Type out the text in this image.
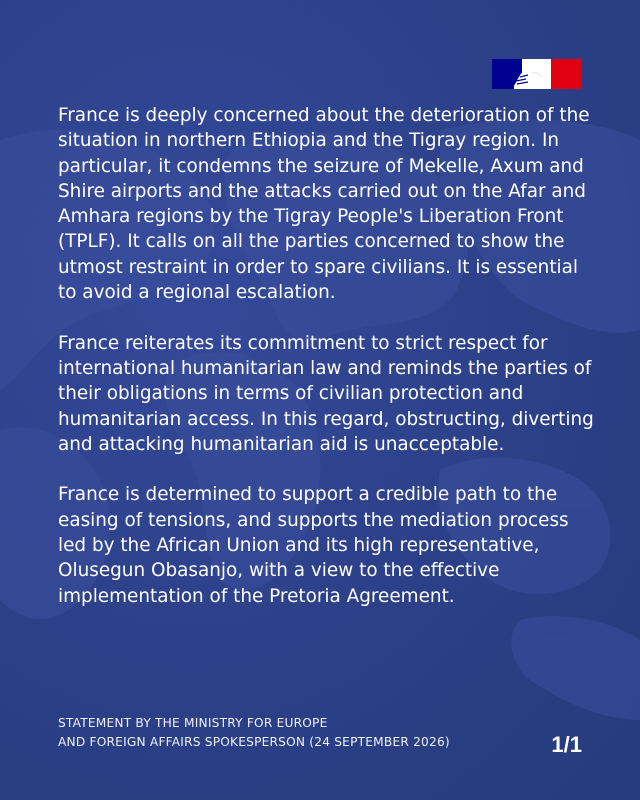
France is deeply concerned about the deterioration of the situation in northern Ethiopia and the Tigray region. In particular, it condemns the seizure of Mekelle, Axum and Shire airports and the attacks carried out on the Afar and Amhara regions by the Tigray People's Liberation Front (TPLF). It calls on all the parties concerned to show the utmost restraint in order to spare civilians. It is essential to avoid a regional escalation.

France reiterates its commitment to strict respect for international humanitarian law and reminds the parties of their obligations in terms of civilian protection and humanitarian access. In this regard, obstructing, diverting and attacking humanitarian aid is unacceptable.

France is determined to support a credible path to the easing of tensions, and supports the mediation process led by the African Union and its high representative, Olusegun Obasanjo, with a view to the effective implementation of the Pretoria Agreement.

STATEMENT BY THE MINISTRY FOR EUROPE
AND FOREIGN AFFAIRS SPOKESPERSON (24 SEPTEMBER 2026)	1/1
